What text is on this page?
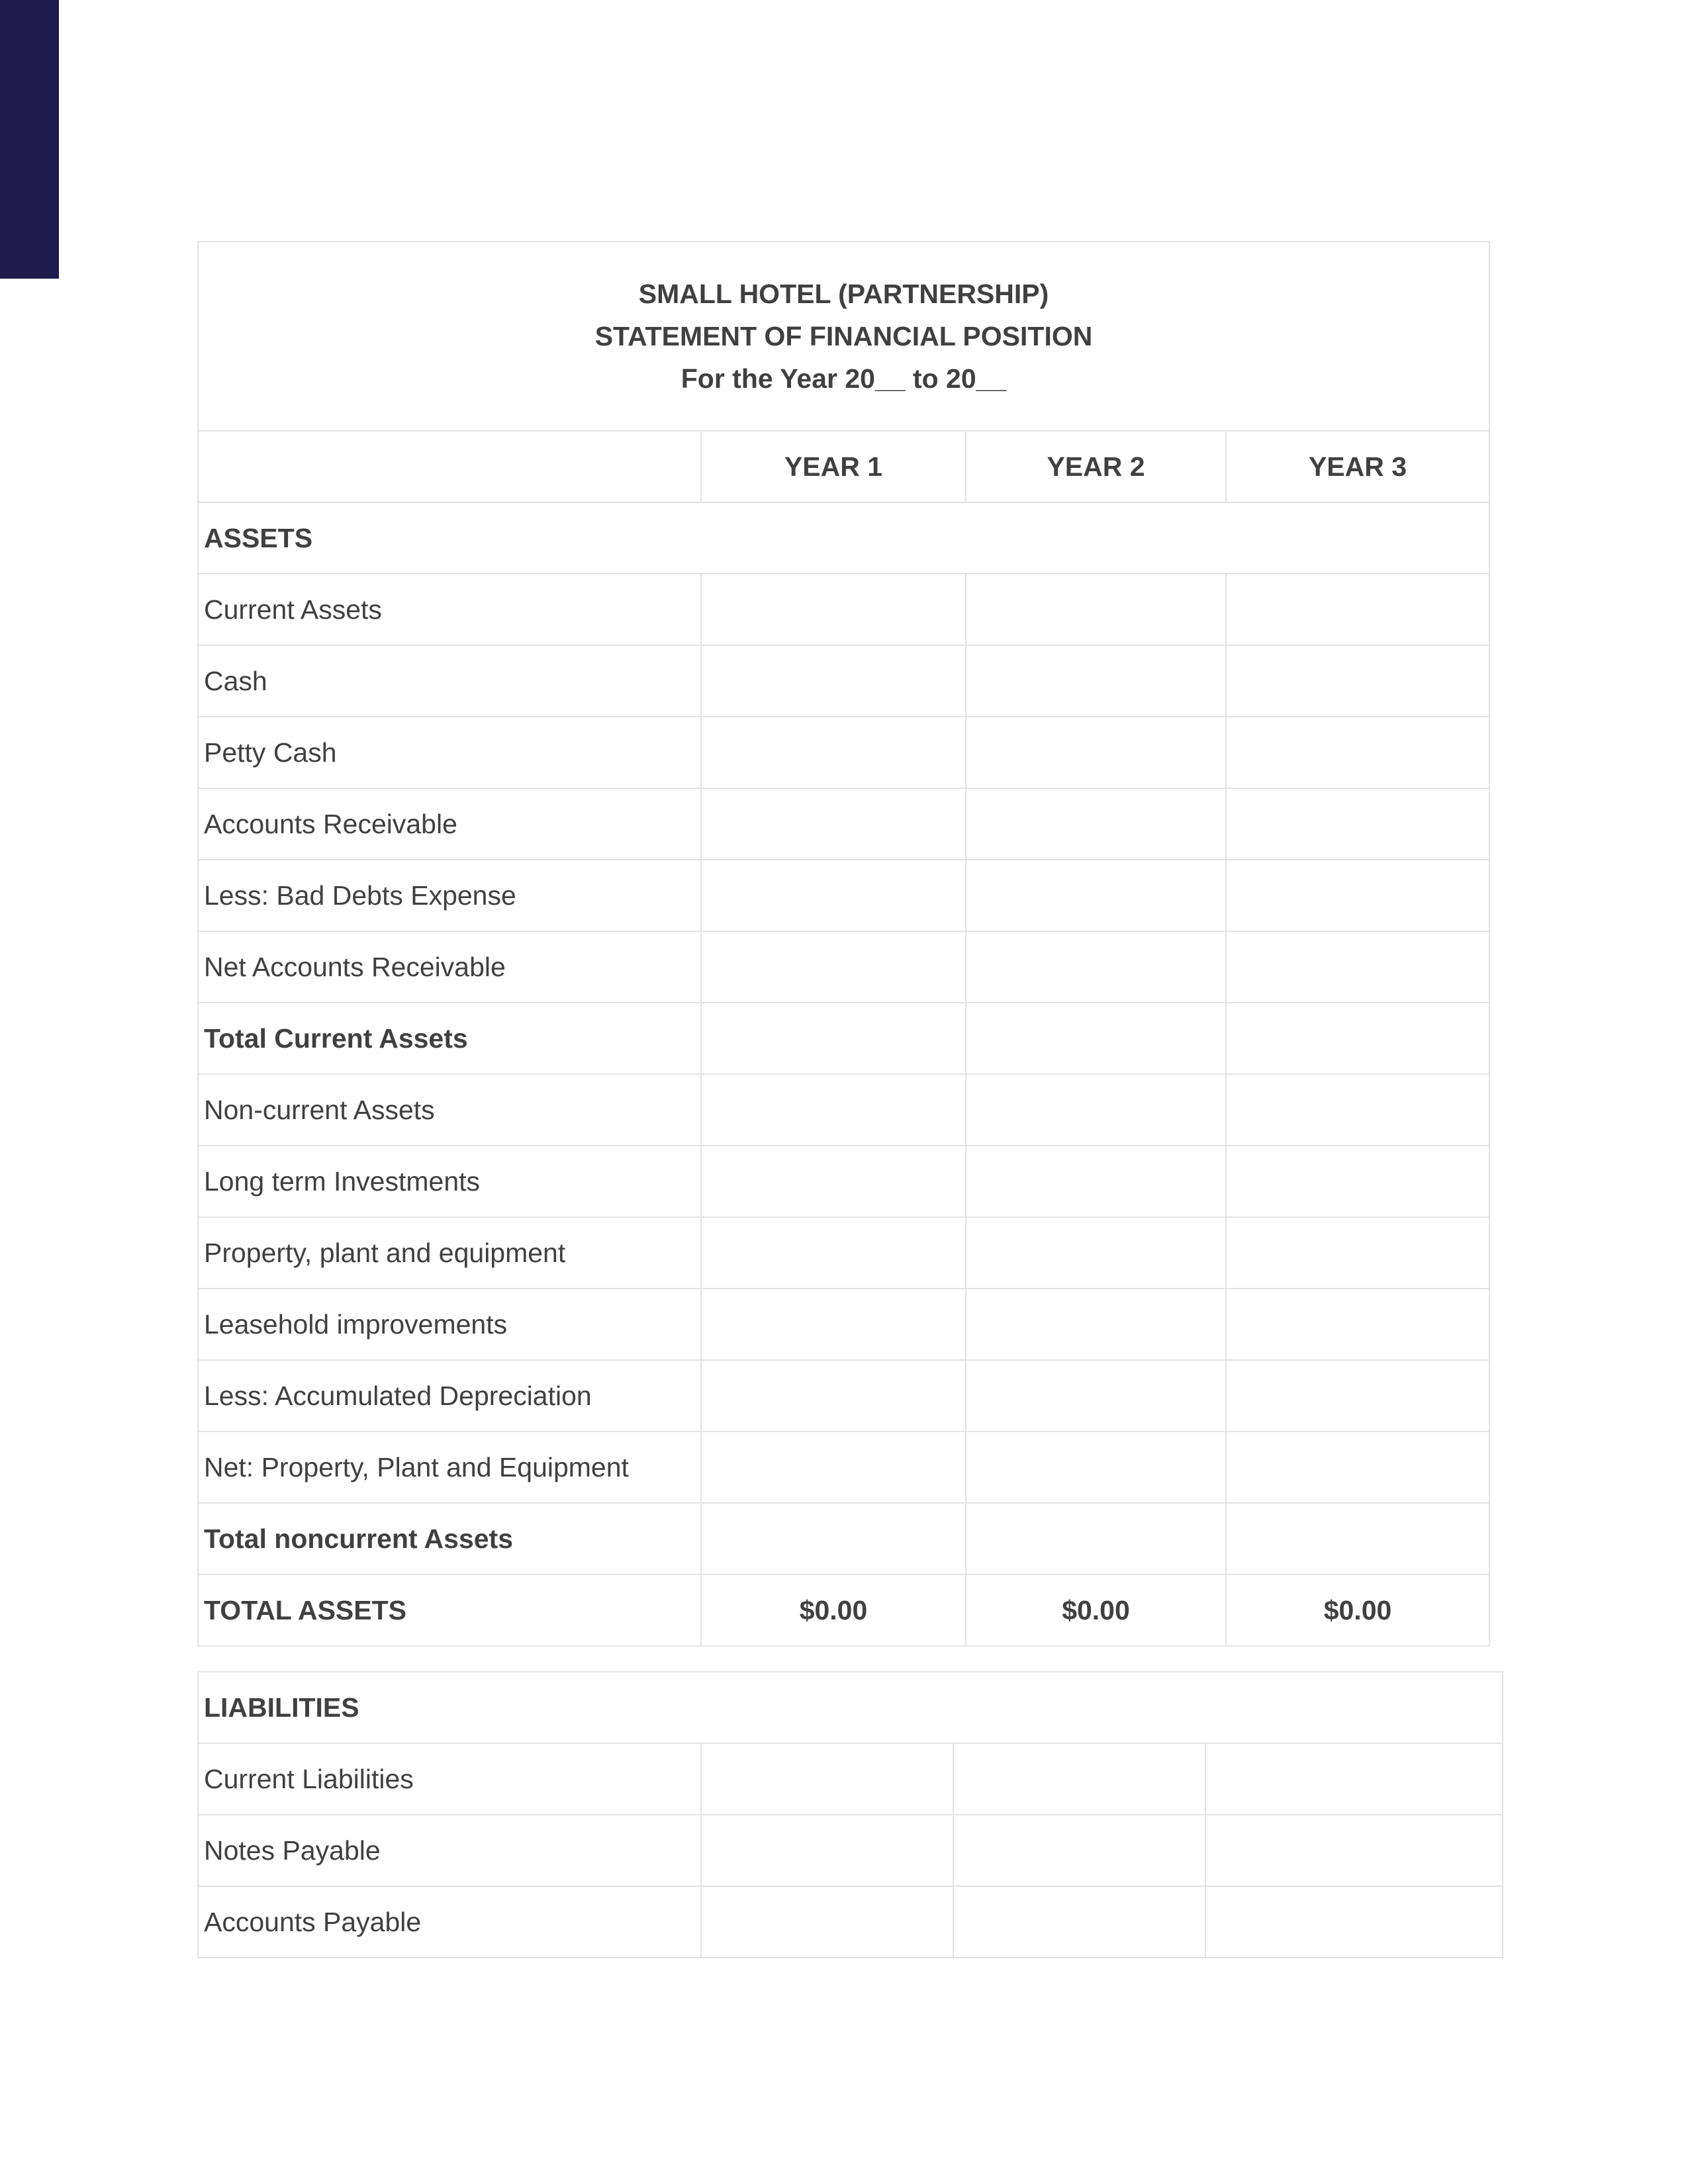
SMALL HOTEL (PARTNERSHIP)
STATEMENT OF FINANCIAL POSITION
For the Year 20__ to 20__			

	YEAR 1	YEAR 2	YEAR 3
ASSETS			
Current Assets			
Cash			
Petty Cash			
Accounts Receivable			
Less: Bad Debts Expense			
Net Accounts Receivable			
Total Current Assets			
Non-current Assets			
Long term Investments			
Property, plant and equipment			
Leasehold improvements			
Less: Accumulated Depreciation			
Net: Property, Plant and Equipment			
Total noncurrent Assets			
TOTAL ASSETS	$0.00	$0.00	$0.00
LIABILITIES			
Current Liabilities			
Notes Payable			
Accounts Payable			
